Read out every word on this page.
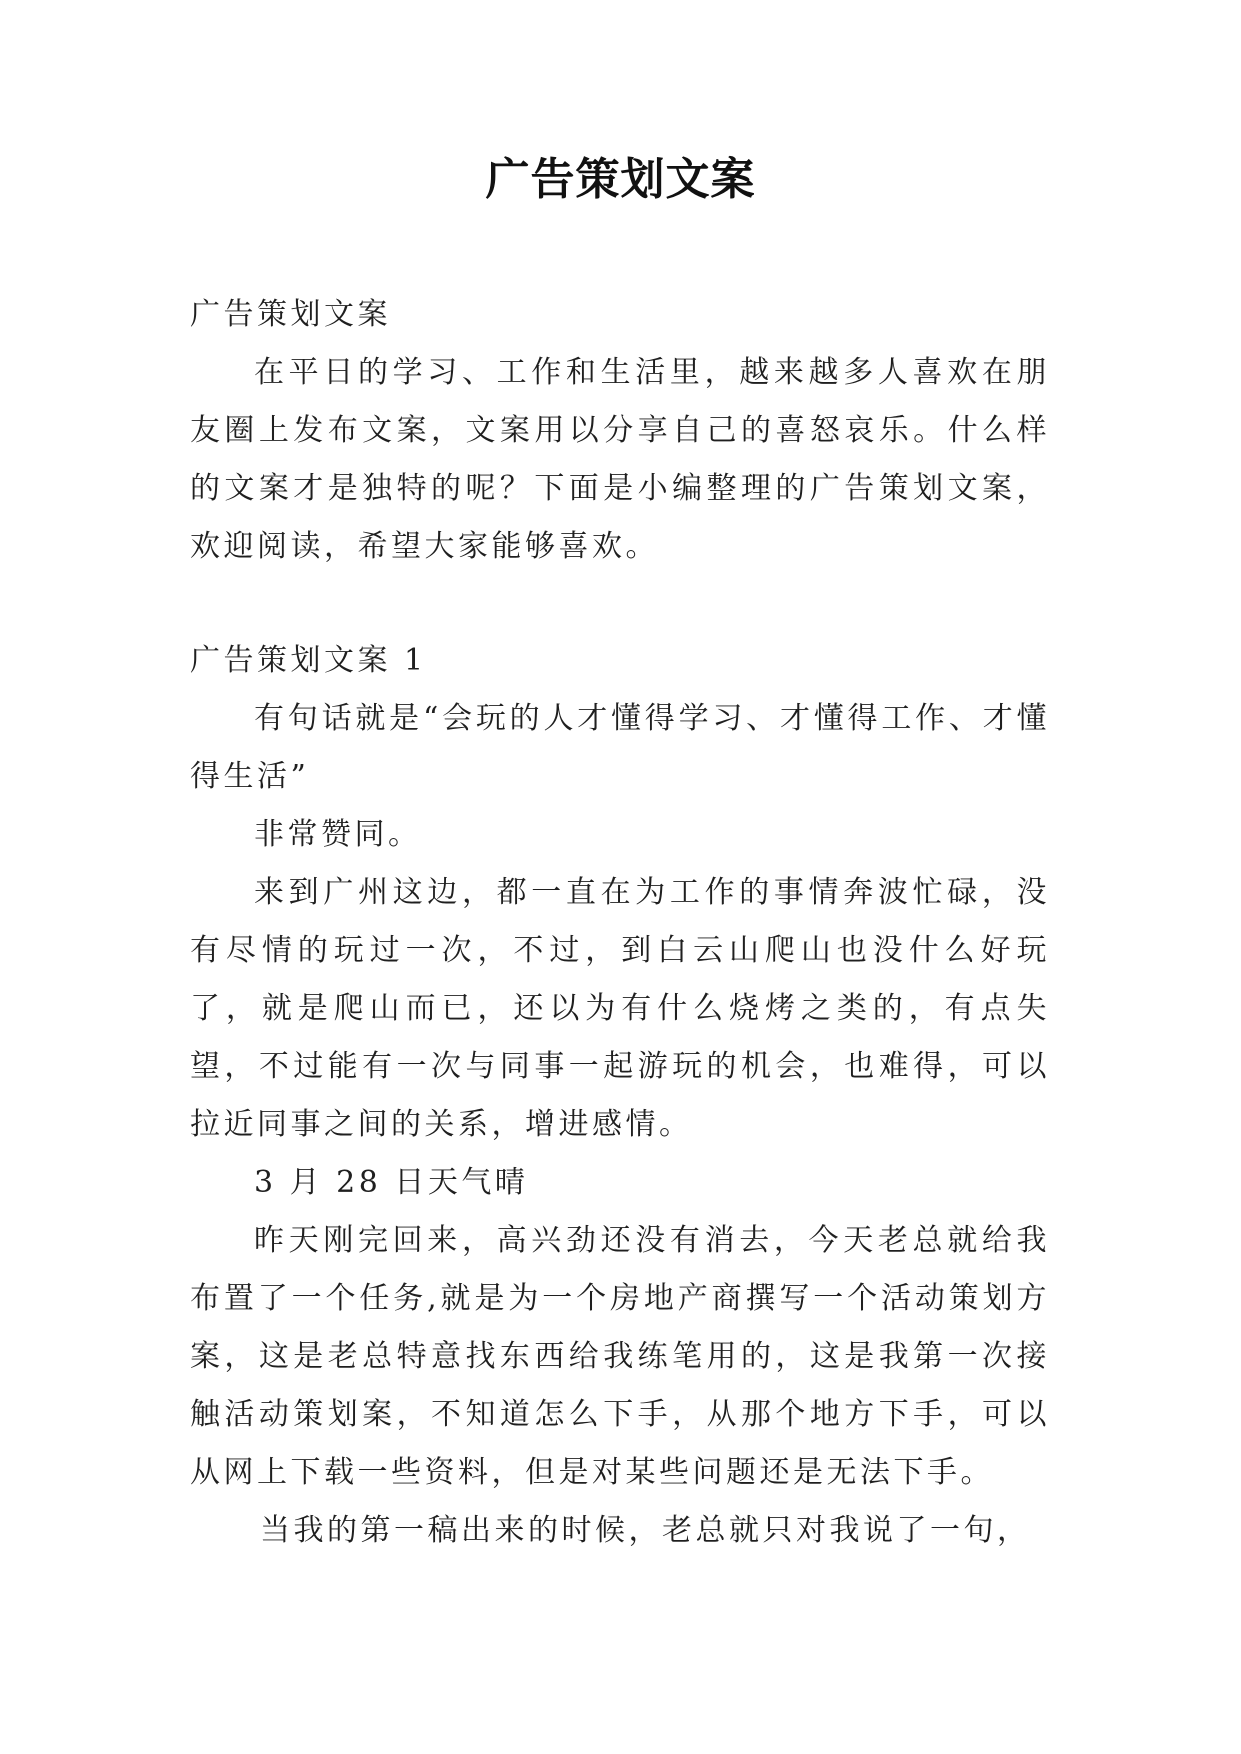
广告策划文案

广告策划文案

在平日的学习、工作和生活里，越来越多人喜欢在朋友圈上发布文案，文案用以分享自己的喜怒哀乐。什么样的文案才是独特的呢？下面是小编整理的广告策划文案，欢迎阅读，希望大家能够喜欢。

广告策划文案 1

有句话就是“会玩的人才懂得学习、才懂得工作、才懂得生活”

非常赞同。

来到广州这边，都一直在为工作的事情奔波忙碌，没有尽情的玩过一次，不过，到白云山爬山也没什么好玩了，就是爬山而已，还以为有什么烧烤之类的，有点失望，不过能有一次与同事一起游玩的机会，也难得，可以拉近同事之间的关系，增进感情。

3 月 28 日天气晴

昨天刚完回来，高兴劲还没有消去，今天老总就给我布置了一个任务,就是为一个房地产商撰写一个活动策划方案，这是老总特意找东西给我练笔用的，这是我第一次接触活动策划案，不知道怎么下手，从那个地方下手，可以从网上下载一些资料，但是对某些问题还是无法下手。

当我的第一稿出来的时候，老总就只对我说了一句，
